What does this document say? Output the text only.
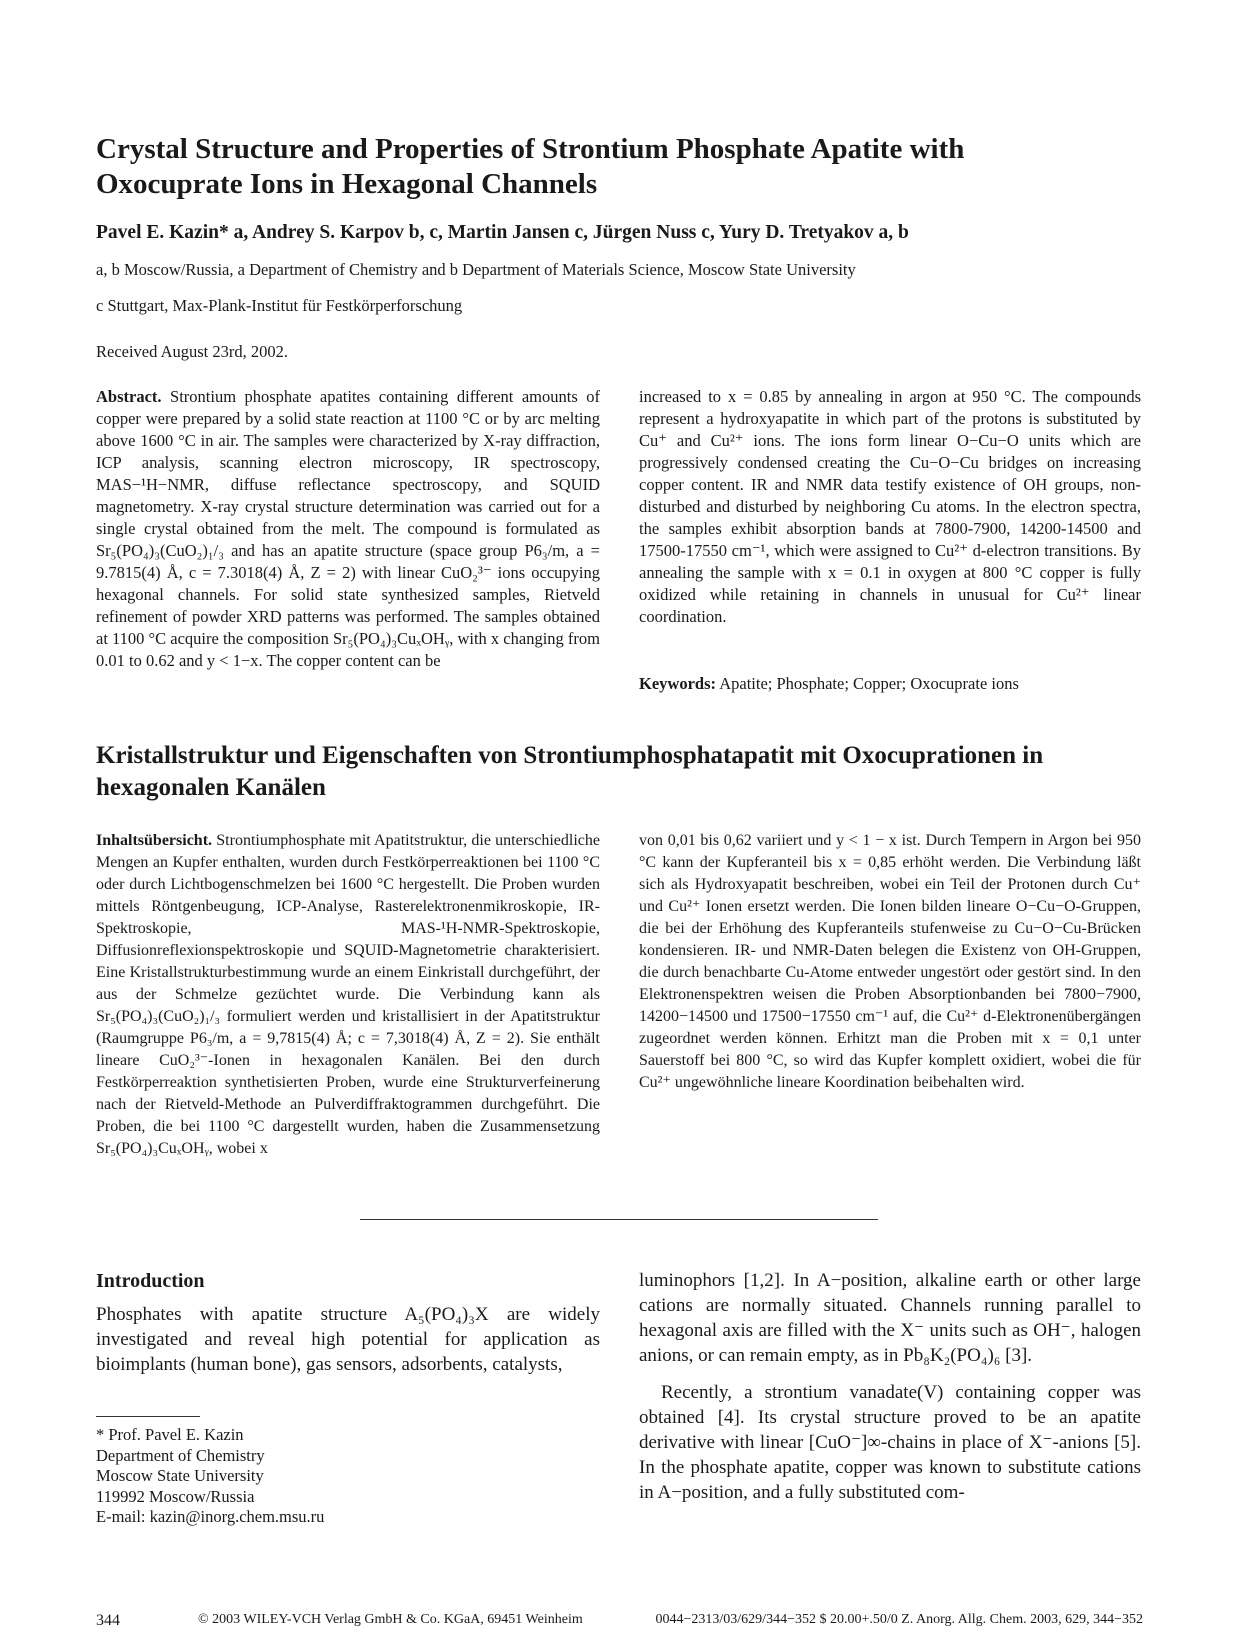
Crystal Structure and Properties of Strontium Phosphate Apatite with Oxocuprate Ions in Hexagonal Channels
Pavel E. Kazin* a, Andrey S. Karpov b, c, Martin Jansen c, Jürgen Nuss c, Yury D. Tretyakov a, b
a, b Moscow/Russia, a Department of Chemistry and b Department of Materials Science, Moscow State University
c Stuttgart, Max-Plank-Institut für Festkörperforschung
Received August 23rd, 2002.

Abstract. Strontium phosphate apatites containing different amounts of copper were prepared by a solid state reaction at 1100 °C or by arc melting above 1600 °C in air. The samples were characterized by X-ray diffraction, ICP analysis, scanning electron microscopy, IR spectroscopy, MAS−¹H−NMR, diffuse reflectance spectroscopy, and SQUID magnetometry. X-ray crystal structure determination was carried out for a single crystal obtained from the melt. The compound is formulated as Sr₅(PO₄)₃(CuO₂)₁/₃ and has an apatite structure (space group P6₃/m, a = 9.7815(4) Å, c = 7.3018(4) Å, Z = 2) with linear CuO₂³⁻ ions occupying hexagonal channels. For solid state synthesized samples, Rietveld refinement of powder XRD patterns was performed. The samples obtained at 1100 °C acquire the composition Sr₅(PO₄)₃CuₓOHᵧ, with x changing from 0.01 to 0.62 and y < 1−x. The copper content can be

increased to x = 0.85 by annealing in argon at 950 °C. The compounds represent a hydroxyapatite in which part of the protons is substituted by Cu⁺ and Cu²⁺ ions. The ions form linear O−Cu−O units which are progressively condensed creating the Cu−O−Cu bridges on increasing copper content. IR and NMR data testify existence of OH groups, non-disturbed and disturbed by neighboring Cu atoms. In the electron spectra, the samples exhibit absorption bands at 7800-7900, 14200-14500 and 17500-17550 cm⁻¹, which were assigned to Cu²⁺ d-electron transitions. By annealing the sample with x = 0.1 in oxygen at 800 °C copper is fully oxidized while retaining in channels in unusual for Cu²⁺ linear coordination.

Keywords: Apatite; Phosphate; Copper; Oxocuprate ions
Kristallstruktur und Eigenschaften von Strontiumphosphatapatit mit Oxocuprationen in hexagonalen Kanälen

Inhaltsübersicht. Strontiumphosphate mit Apatitstruktur, die unterschiedliche Mengen an Kupfer enthalten, wurden durch Festkörperreaktionen bei 1100 °C oder durch Lichtbogenschmelzen bei 1600 °C hergestellt. Die Proben wurden mittels Röntgenbeugung, ICP-Analyse, Rasterelektronenmikroskopie, IR-Spektroskopie, MAS-¹H-NMR-Spektroskopie, Diffusionreflexionspektroskopie und SQUID-Magnetometrie charakterisiert. Eine Kristallstrukturbestimmung wurde an einem Einkristall durchgeführt, der aus der Schmelze gezüchtet wurde. Die Verbindung kann als Sr₅(PO₄)₃(CuO₂)₁/₃ formuliert werden und kristallisiert in der Apatitstruktur (Raumgruppe P6₃/m, a = 9,7815(4) Å; c = 7,3018(4) Å, Z = 2). Sie enthält lineare CuO₂³⁻-Ionen in hexagonalen Kanälen. Bei den durch Festkörperreaktion synthetisierten Proben, wurde eine Strukturverfeinerung nach der Rietveld-Methode an Pulverdiffraktogrammen durchgeführt. Die Proben, die bei 1100 °C dargestellt wurden, haben die Zusammensetzung Sr₅(PO₄)₃CuₓOHᵧ, wobei x

von 0,01 bis 0,62 variiert und y < 1 − x ist. Durch Tempern in Argon bei 950 °C kann der Kupferanteil bis x = 0,85 erhöht werden. Die Verbindung läßt sich als Hydroxyapatit beschreiben, wobei ein Teil der Protonen durch Cu⁺ und Cu²⁺ Ionen ersetzt werden. Die Ionen bilden lineare O−Cu−O-Gruppen, die bei der Erhöhung des Kupferanteils stufenweise zu Cu−O−Cu-Brücken kondensieren. IR- und NMR-Daten belegen die Existenz von OH-Gruppen, die durch benachbarte Cu-Atome entweder ungestört oder gestört sind. In den Elektronenspektren weisen die Proben Absorptionbanden bei 7800−7900, 14200−14500 und 17500−17550 cm⁻¹ auf, die Cu²⁺ d-Elektronenübergängen zugeordnet werden können. Erhitzt man die Proben mit x = 0,1 unter Sauerstoff bei 800 °C, so wird das Kupfer komplett oxidiert, wobei die für Cu²⁺ ungewöhnliche lineare Koordination beibehalten wird.

Introduction

Phosphates with apatite structure A₅(PO₄)₃X are widely investigated and reveal high potential for application as bioimplants (human bone), gas sensors, adsorbents, catalysts,

luminophors [1,2]. In A−position, alkaline earth or other large cations are normally situated. Channels running parallel to hexagonal axis are filled with the X⁻ units such as OH⁻, halogen anions, or can remain empty, as in Pb₈K₂(PO₄)₆ [3].

Recently, a strontium vanadate(V) containing copper was obtained [4]. Its crystal structure proved to be an apatite derivative with linear [CuO⁻]∞-chains in place of X⁻-anions [5]. In the phosphate apatite, copper was known to substitute cations in A−position, and a fully substituted com-

* Prof. Pavel E. Kazin
Department of Chemistry
Moscow State University
119992 Moscow/Russia
E-mail: kazin@inorg.chem.msu.ru
344	© 2003 WILEY-VCH Verlag GmbH & Co. KGaA, 69451 Weinheim	0044−2313/03/629/344−352 $ 20.00+.50/0 Z. Anorg. Allg. Chem. 2003, 629, 344−352
